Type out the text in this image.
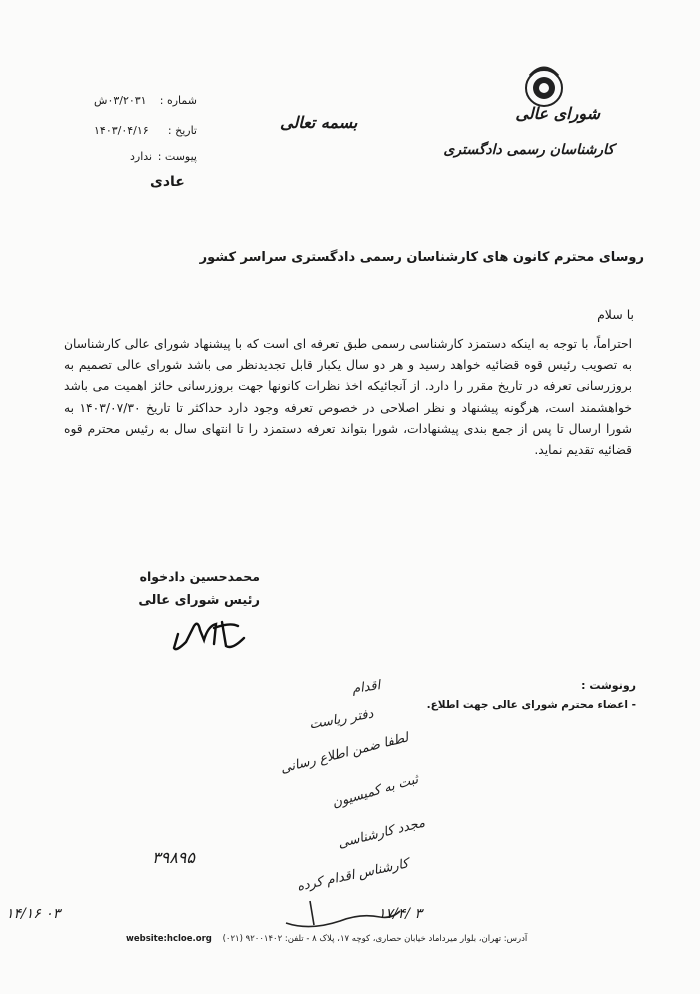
شورای عالی
کارشناسان رسمی دادگستری
بسمه تعالی
شماره :
۰۳/۲۰۳۱ش
تاریخ :
۱۴۰۳/۰۴/۱۶
پیوست :
ندارد
عادی
روسای محترم کانون های کارشناسان رسمی دادگستری سراسر کشور
با سلام
احتراماً، با توجه به اینکه دستمزد کارشناسی رسمی طبق تعرفه ای است که با پیشنهاد شورای عالی کارشناسان به تصویب رئیس قوه قضائیه خواهد رسید و هر دو سال یکبار قابل تجدیدنظر می باشد شورای عالی تصمیم به بروزرسانی تعرفه در تاریخ مقرر را دارد. از آنجائیکه اخذ نظرات کانونها جهت بروزرسانی حائز اهمیت می باشد خواهشمند است، هرگونه پیشنهاد و نظر اصلاحی در خصوص تعرفه وجود دارد حداکثر تا تاریخ ۱۴۰۳/۰۷/۳۰ به شورا ارسال تا پس از جمع بندی پیشنهادات، شورا بتواند تعرفه دستمزد را تا انتهای سال به رئیس محترم قوه قضائیه تقدیم نماید.
محمدحسین دادخواه
رئیس شورای عالی
رونوشت :
- اعضاء محترم شورای عالی جهت اطلاع.
اقدام
دفتر ریاست
لطفا ضمن اطلاع رسانی
ثبت به کمیسیون
مجدد کارشناسی
کارشناس اقدام کرده
۳۹۸۹۵
۱۴/۱۶ ۰۳	۱۷/۴/ ۳
website:hcloe.org آدرس: تهران، بلوار میرداماد خیابان حصاری، کوچه ۱۷، پلاک ۸ - تلفن: ۹۲۰۰۱۴۰۲ (۰۲۱)
